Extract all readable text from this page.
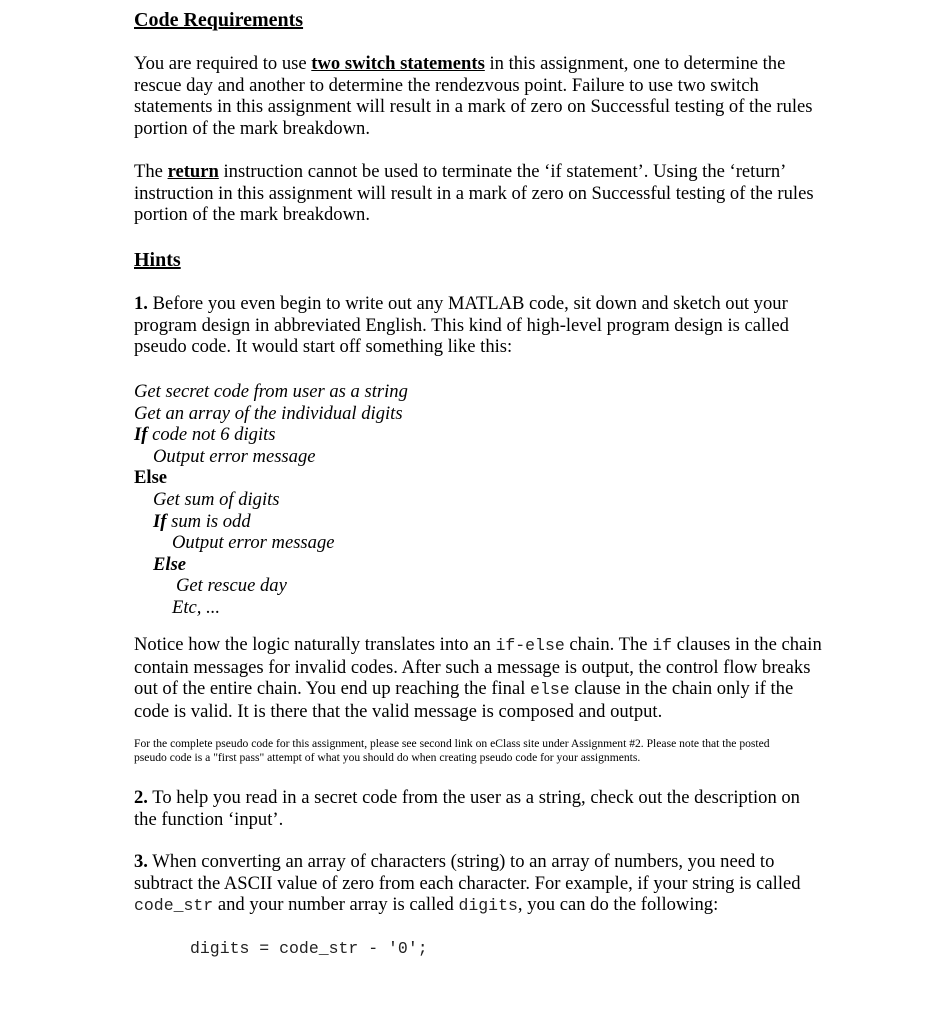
Code Requirements

You are required to use two switch statements in this assignment, one to determine the rescue day and another to determine the rendezvous point. Failure to use two switch statements in this assignment will result in a mark of zero on Successful testing of the rules portion of the mark breakdown.

The return instruction cannot be used to terminate the ‘if statement’. Using the ‘return’ instruction in this assignment will result in a mark of zero on Successful testing of the rules portion of the mark breakdown.

Hints

1. Before you even begin to write out any MATLAB code, sit down and sketch out your program design in abbreviated English. This kind of high-level program design is called pseudo code. It would start off something like this:

Get secret code from user as a string
Get an array of the individual digits
If code not 6 digits
Output error message
Else
Get sum of digits
If sum is odd
Output error message
Else
Get rescue day
Etc, ...

Notice how the logic naturally translates into an if-else chain. The if clauses in the chain contain messages for invalid codes. After such a message is output, the control flow breaks out of the entire chain. You end up reaching the final else clause in the chain only if the code is valid. It is there that the valid message is composed and output.

For the complete pseudo code for this assignment, please see second link on eClass site under Assignment #2. Please note that the posted pseudo code is a "first pass" attempt of what you should do when creating pseudo code for your assignments.

2. To help you read in a secret code from the user as a string, check out the description on the function ‘input’.

3. When converting an array of characters (string) to an array of numbers, you need to subtract the ASCII value of zero from each character. For example, if your string is called code_str and your number array is called digits, you can do the following:

digits = code_str - '0';
